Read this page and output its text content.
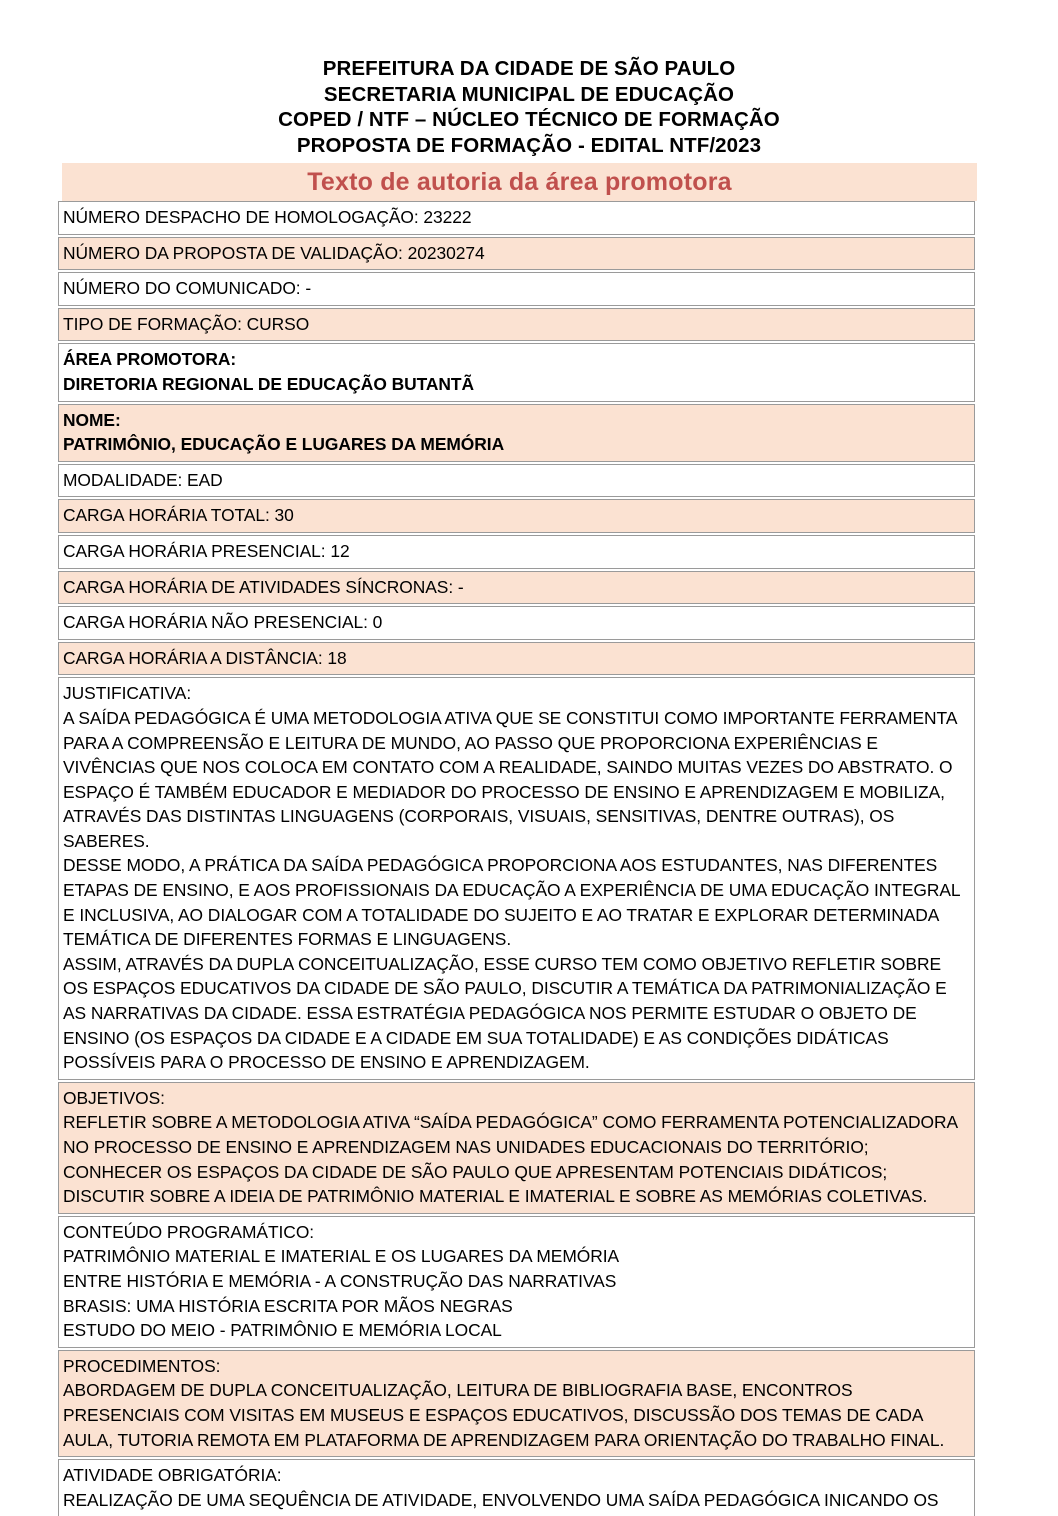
PREFEITURA DA CIDADE DE SÃO PAULO
SECRETARIA MUNICIPAL DE EDUCAÇÃO
COPED / NTF – NÚCLEO TÉCNICO DE FORMAÇÃO
PROPOSTA DE FORMAÇÃO - EDITAL NTF/2023
Texto de autoria da área promotora
NÚMERO DESPACHO DE HOMOLOGAÇÃO: 23222
NÚMERO DA PROPOSTA DE VALIDAÇÃO: 20230274
NÚMERO DO COMUNICADO: -
TIPO DE FORMAÇÃO: CURSO
ÁREA PROMOTORA:
DIRETORIA REGIONAL DE EDUCAÇÃO BUTANTÃ
NOME:
PATRIMÔNIO, EDUCAÇÃO E LUGARES DA MEMÓRIA
MODALIDADE: EAD
CARGA HORÁRIA TOTAL: 30
CARGA HORÁRIA PRESENCIAL: 12
CARGA HORÁRIA DE ATIVIDADES SÍNCRONAS: -
CARGA HORÁRIA NÃO PRESENCIAL: 0
CARGA HORÁRIA A DISTÂNCIA: 18
JUSTIFICATIVA:
A SAÍDA PEDAGÓGICA É UMA METODOLOGIA ATIVA QUE SE CONSTITUI COMO IMPORTANTE FERRAMENTA PARA A COMPREENSÃO E LEITURA DE MUNDO, AO PASSO QUE PROPORCIONA EXPERIÊNCIAS E VIVÊNCIAS QUE NOS COLOCA EM CONTATO COM A REALIDADE, SAINDO MUITAS VEZES DO ABSTRATO. O ESPAÇO É TAMBÉM EDUCADOR E MEDIADOR DO PROCESSO DE ENSINO E APRENDIZAGEM E MOBILIZA, ATRAVÉS DAS DISTINTAS LINGUAGENS (CORPORAIS, VISUAIS, SENSITIVAS, DENTRE OUTRAS), OS SABERES.
DESSE MODO, A PRÁTICA DA SAÍDA PEDAGÓGICA PROPORCIONA AOS ESTUDANTES, NAS DIFERENTES ETAPAS DE ENSINO, E AOS PROFISSIONAIS DA EDUCAÇÃO A EXPERIÊNCIA DE UMA EDUCAÇÃO INTEGRAL E INCLUSIVA, AO DIALOGAR COM A TOTALIDADE DO SUJEITO E AO TRATAR E EXPLORAR DETERMINADA TEMÁTICA DE DIFERENTES FORMAS E LINGUAGENS.
ASSIM, ATRAVÉS DA DUPLA CONCEITUALIZAÇÃO, ESSE CURSO TEM COMO OBJETIVO REFLETIR SOBRE OS ESPAÇOS EDUCATIVOS DA CIDADE DE SÃO PAULO, DISCUTIR A TEMÁTICA DA PATRIMONIALIZAÇÃO E AS NARRATIVAS DA CIDADE. ESSA ESTRATÉGIA PEDAGÓGICA NOS PERMITE ESTUDAR O OBJETO DE ENSINO (OS ESPAÇOS DA CIDADE E A CIDADE EM SUA TOTALIDADE) E AS CONDIÇÕES DIDÁTICAS POSSÍVEIS PARA O PROCESSO DE ENSINO E APRENDIZAGEM.
OBJETIVOS:
REFLETIR SOBRE A METODOLOGIA ATIVA “SAÍDA PEDAGÓGICA” COMO FERRAMENTA POTENCIALIZADORA NO PROCESSO DE ENSINO E APRENDIZAGEM NAS UNIDADES EDUCACIONAIS DO TERRITÓRIO;
CONHECER OS ESPAÇOS DA CIDADE DE SÃO PAULO QUE APRESENTAM POTENCIAIS DIDÁTICOS;
DISCUTIR SOBRE A IDEIA DE PATRIMÔNIO MATERIAL E IMATERIAL E SOBRE AS MEMÓRIAS COLETIVAS.
CONTEÚDO PROGRAMÁTICO:
PATRIMÔNIO MATERIAL E IMATERIAL E OS LUGARES DA MEMÓRIA
ENTRE HISTÓRIA E MEMÓRIA - A CONSTRUÇÃO DAS NARRATIVAS
BRASIS: UMA HISTÓRIA ESCRITA POR MÃOS NEGRAS
ESTUDO DO MEIO - PATRIMÔNIO E MEMÓRIA LOCAL
PROCEDIMENTOS:
ABORDAGEM DE DUPLA CONCEITUALIZAÇÃO, LEITURA DE BIBLIOGRAFIA BASE, ENCONTROS PRESENCIAIS COM VISITAS EM MUSEUS E ESPAÇOS EDUCATIVOS, DISCUSSÃO DOS TEMAS DE CADA AULA, TUTORIA REMOTA EM PLATAFORMA DE APRENDIZAGEM PARA ORIENTAÇÃO DO TRABALHO FINAL.
ATIVIDADE OBRIGATÓRIA:
REALIZAÇÃO DE UMA SEQUÊNCIA DE ATIVIDADE, ENVOLVENDO UMA SAÍDA PEDAGÓGICA INICANDO OS
